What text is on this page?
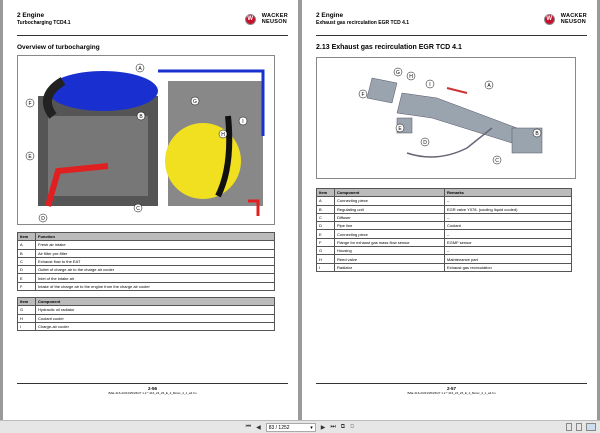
2 Engine
Turbocharging TCD4.1
W	WACKER
NEUSON
Overview of turbocharging
A
B
C
D
E
F	G
H
I
Item	Function
A	Fresh air intake
B	Air filter pre-filter
C	Exhaust flow to the EAT
D	Outlet of charge air to the charge air cooler
E	Inlet of the intake air
F	Intake of the charge air to the engine from the charge air cooler
Item	Component
G	Hydraulic oil radiator
H	Coolant cooler
I	Charge-air cooler
2-56
BAE 416-23/24/25/26/27 1.2 * 416_24_26_E_2_Motor_4_1_a4.fm
2 Engine
Exhaust gas recirculation EGR TCD 4.1
W	WACKER
NEUSON
2.13 Exhaust gas recirculation EGR TCD 4.1
A
B
C
D
E
F
G
H
I
Item	Component	Remarks
A	Connecting piece	–
B	Regulating unit	EGR valve Y078. (cooling liquid cooled)
C	Diffuser	–
D	Pipe line	Coolant
E	Connecting piece	–
F	Flange for exhaust gas mass flow sensor	EGMF sensor
G	Housing	–
H	Reed valve	Maintenance part
I	Radiator	Exhaust gas recirculation
2-57
BAE 416-23/24/25/26/27 1.2 * 416_24_26_E_2_Motor_4_1_a4.fm
⏮ ◀	83 / 1252 ▾	▶ ⏭ ⧉ ⧉
